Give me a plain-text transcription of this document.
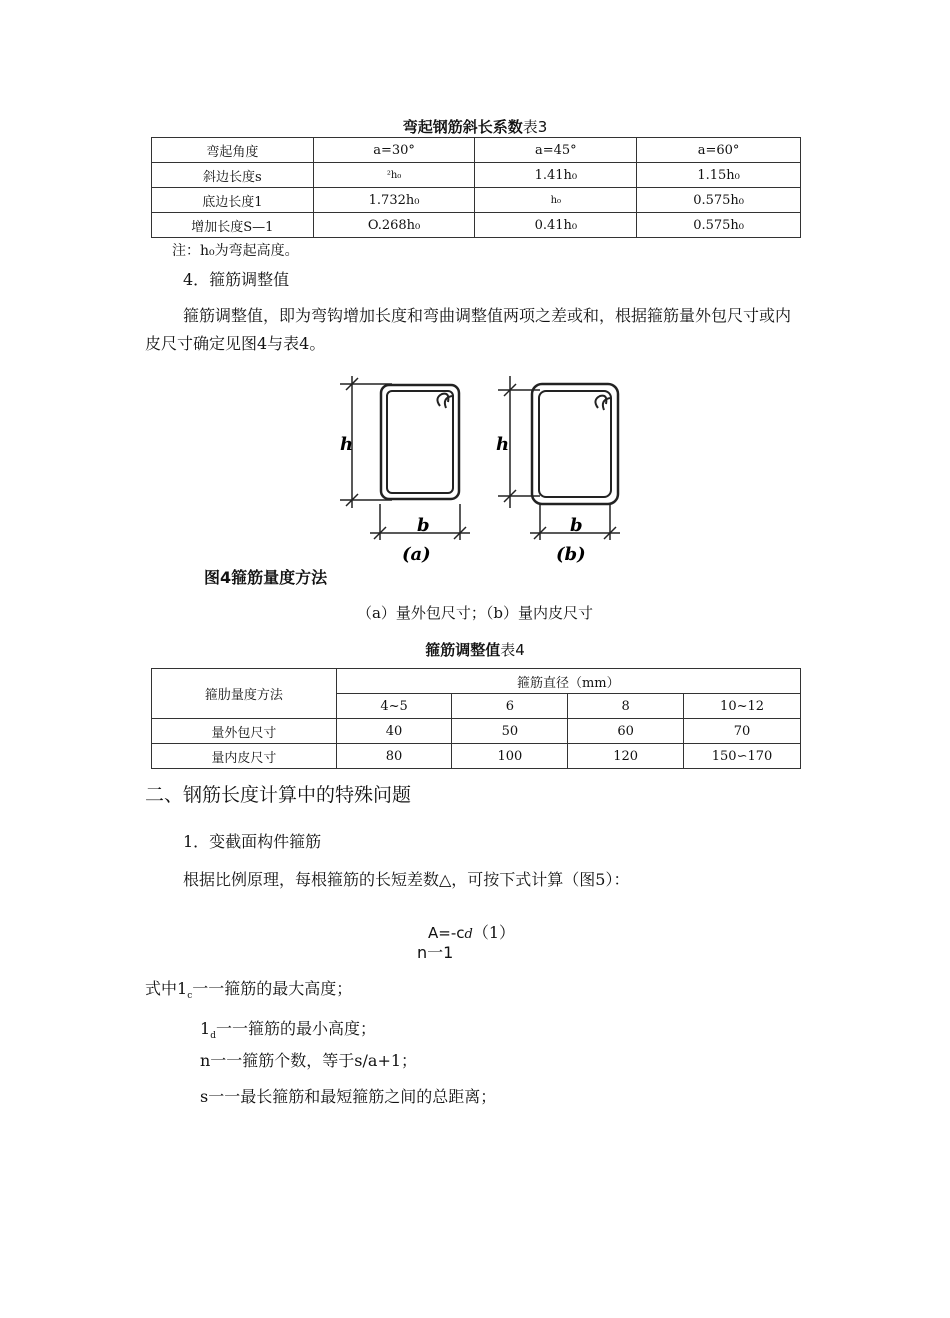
弯起钢筋斜长系数表3
弯起角度	a=30°	a=45°	a=60°
斜边长度s	²h₀	1.41h₀	1.15h₀
底边长度1	1.732h₀	h₀	0.575h₀
增加长度S—1	O.268h₀	0.41h₀	0.575h₀
注：h₀为弯起高度。
4．箍筋调整值
箍筋调整值，即为弯钩增加长度和弯曲调整值两项之差或和，根据箍筋量外包尺寸或内皮尺寸确定见图4与表4。
h
b
(a)
h
b
(b)
图4箍筋量度方法
（a）量外包尺寸；（b）量内皮尺寸
箍筋调整值表4
箍肋量度方法	箍筋直径（mm）			
	4~5	6	8	10~12
量外包尺寸	40	50	60	70
量内皮尺寸	80	100	120	150∽170
二、钢筋长度计算中的特殊问题
1．变截面构件箍筋
根据比例原理，每根箍筋的长短差数△，可按下式计算（图5）：
A=-cd（1）
n一1
式中$1_c$一一箍筋的最大高度；
$1_d$一一箍筋的最小高度；
n一一箍筋个数，等于s/a+1；
s一一最长箍筋和最短箍筋之间的总距离；
